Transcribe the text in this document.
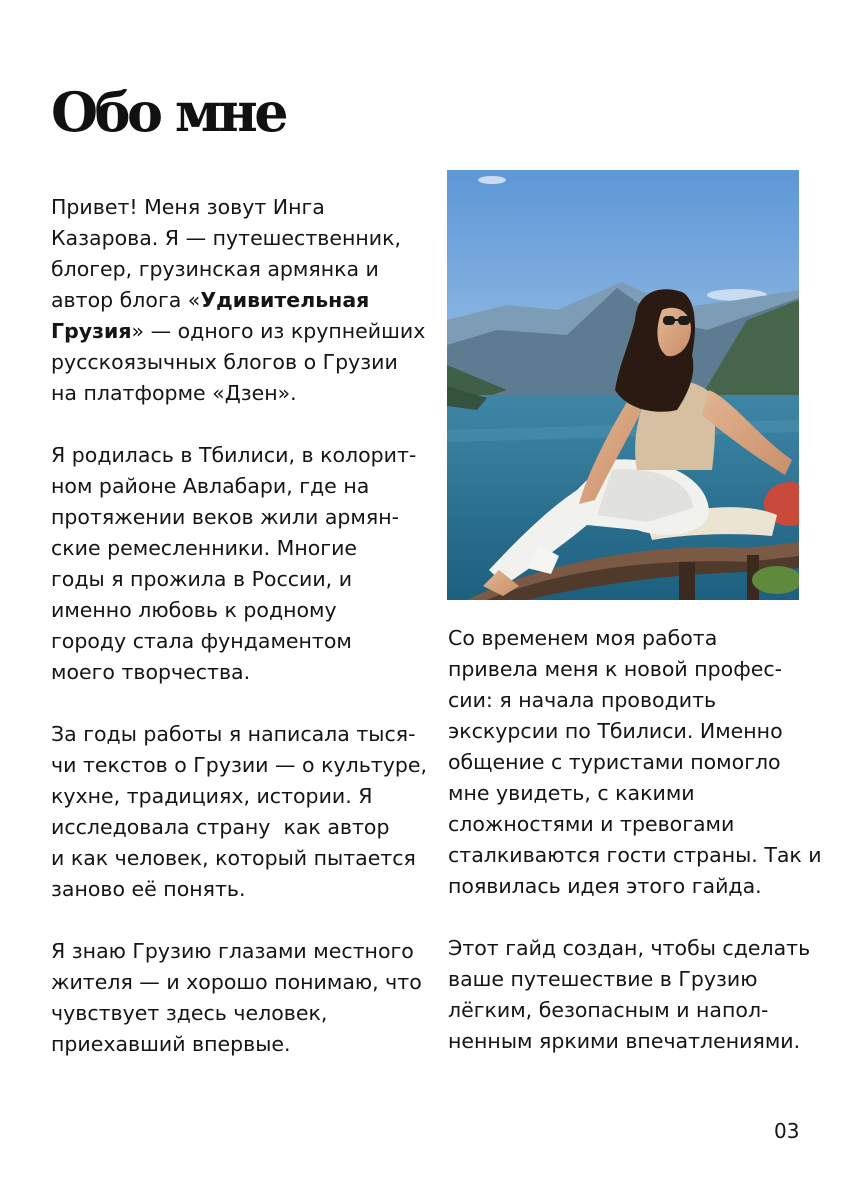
Обо мне

Привет! Меня зовут Инга
Казарова. Я — путешественник,
блогер, грузинская армянка и
автор блога «Удивительная
Грузия» — одного из крупнейших
русскоязычных блогов о Грузии
на платформе «Дзен».

Я родилась в Тбилиси, в колорит-
ном районе Авлабари, где на
протяжении веков жили армян-
ские ремесленники. Многие
годы я прожила в России, и
именно любовь к родному
городу стала фундаментом
моего творчества.

За годы работы я написала тыся-
чи текстов о Грузии — о культуре,
кухне, традициях, истории. Я
исследовала страну  как автор
и как человек, который пытается
заново её понять.

Я знаю Грузию глазами местного
жителя — и хорошо понимаю, что
чувствует здесь человек,
приехавший впервые.

Со временем моя работа
привела меня к новой профес-
сии: я начала проводить
экскурсии по Тбилиси. Именно
общение с туристами помогло
мне увидеть, с какими
сложностями и тревогами
сталкиваются гости страны. Так и
появилась идея этого гайда.

Этот гайд создан, чтобы сделать
ваше путешествие в Грузию
лёгким, безопасным и напол-
ненным яркими впечатлениями.

03
